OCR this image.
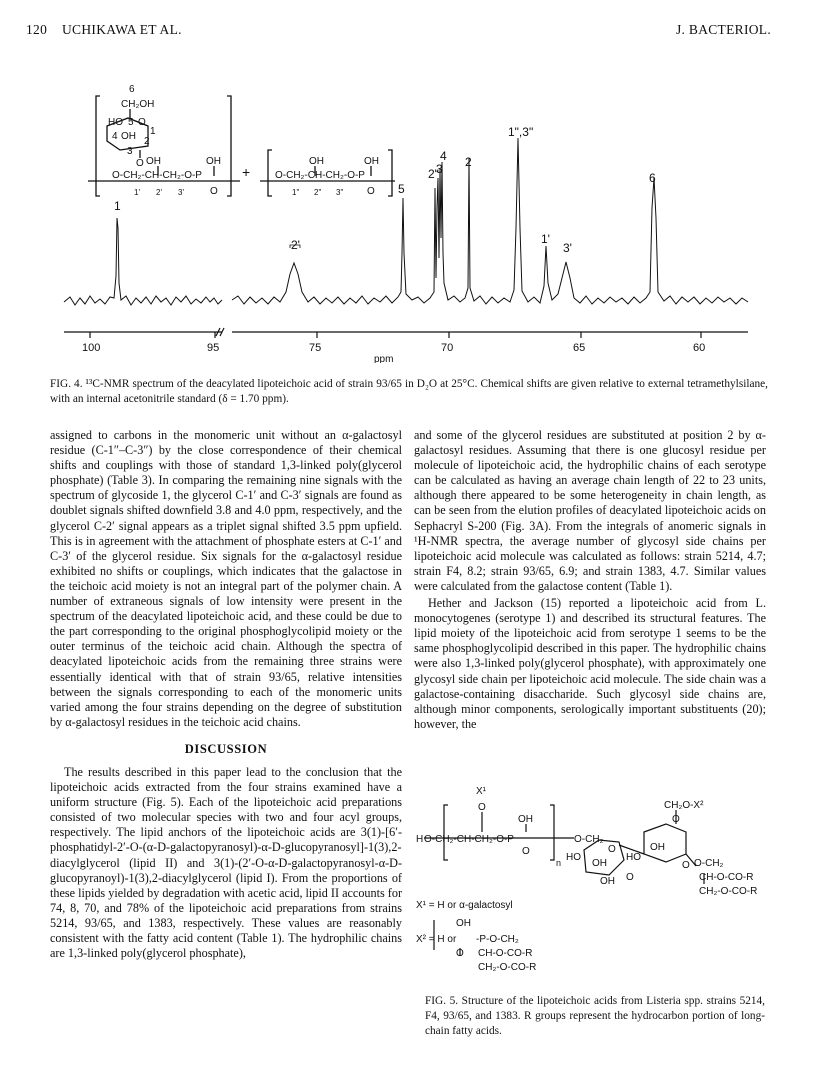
120 UCHIKAWA ET AL.	J. BACTERIOL.
6
CH₂OH
HO 5 O
4 OH 1
2
3
O OH	OH
O-CH₂-CH-CH₂-O-P
1' 2' 3'	O
+
OH	OH
O-CH₂-CH-CH₂-O-P
1" 2" 3" O
1
2'
5
2"
3
4 2
1",3"
1'
3'
6
100	95	75	70	65	60
ppm
FIG. 4. ¹³C-NMR spectrum of the deacylated lipoteichoic acid of strain 93/65 in D₂O at 25°C. Chemical shifts are given relative to external tetramethylsilane, with an internal acetonitrile standard (δ = 1.70 ppm).

assigned to carbons in the monomeric unit without an α-galactosyl residue (C-1″–C-3″) by the close correspondence of their chemical shifts and couplings with those of standard 1,3-linked poly(glycerol phosphate) (Table 3). In comparing the remaining nine signals with the spectrum of glycoside 1, the glycerol C-1′ and C-3′ signals are found as doublet signals shifted downfield 3.8 and 4.0 ppm, respectively, and the glycerol C-2′ signal appears as a triplet signal shifted 3.5 ppm upfield. This is in agreement with the attachment of phosphate esters at C-1′ and C-3′ of the glycerol residue. Six signals for the α-galactosyl residue exhibited no shifts or couplings, which indicates that the galactose in the teichoic acid moiety is not an integral part of the polymer chain. A number of extraneous signals of low intensity were present in the spectrum of the deacylated lipoteichoic acid, and these could be due to the part corresponding to the original phosphoglycolipid moiety or the outer terminus of the teichoic acid chain. Although the spectra of deacylated lipoteichoic acids from the remaining three strains were essentially identical with that of strain 93/65, relative intensities between the signals corresponding to each of the monomeric units varied among the four strains depending on the degree of substitution by α-galactosyl residues in the teichoic acid chains.

DISCUSSION

The results described in this paper lead to the conclusion that the lipoteichoic acids extracted from the four strains examined have a uniform structure (Fig. 5). Each of the lipoteichoic acid preparations consisted of two molecular species with two and four acyl groups, respectively. The lipid anchors of the lipoteichoic acids are 3(1)-[6′-phosphatidyl-2′-O-(α-D-galactopyranosyl)-α-D-glucopyranosyl]-1(3),2-diacylglycerol (lipid II) and 3(1)-(2′-O-α-D-galactopyranosyl-α-D-glucopyranoyl)-1(3),2-diacylglycerol (lipid I). From the proportions of these lipids yielded by degradation with acetic acid, lipid II accounts for 74, 8, 70, and 78% of the lipoteichoic acid preparations from strains 5214, 93/65, and 1383, respectively. These values are reasonably consistent with the fatty acid content (Table 1). The hydrophilic chains are 1,3-linked poly(glycerol phosphate),

and some of the glycerol residues are substituted at position 2 by α-galactosyl residues. Assuming that there is one glucosyl residue per molecule of lipoteichoic acid, the hydrophilic chains of each serotype can be calculated as having an average chain length of 22 to 23 units, although there appeared to be some heterogeneity in chain length, as can be seen from the elution profiles of deacylated lipoteichoic acids on Sephacryl S-200 (Fig. 3A). From the integrals of anomeric signals in ¹H-NMR spectra, the average number of glycosyl side chains per lipoteichoic acid molecule was calculated as follows: strain 5214, 4.7; strain F4, 8.2; strain 93/65, 6.9; and strain 1383, 4.7. Similar values were calculated from the galactose content (Table 1).

Hether and Jackson (15) reported a lipoteichoic acid from L. monocytogenes (serotype 1) and described its structural features. The lipid moiety of the lipoteichoic acid from serotype 1 seems to be the same phosphoglycolipid described in this paper. The hydrophilic chains were also 1,3-linked poly(glycerol phosphate), with approximately one glycosyl side chain per lipoteichoic acid molecule. The side chain was a galactose-containing disaccharide. Such glycosyl side chains are, although minor components, serologically important substituents (20); however, the

X¹
O
OH
H O-CH₂-CH-CH₂-O-P
O
n
O-CH₂
CH₂O-X²
O
O
HO
OH
O
HO
OH
O-CH₂
O
OH	CH-O-CO-R
CH₂-O-CO-R
X¹ = H or α-galactosyl
X² = H or
OH
-P-O-CH₂
O CH-O-CO-R
CH₂-O-CO-R
FIG. 5. Structure of the lipoteichoic acids from Listeria spp. strains 5214, F4, 93/65, and 1383. R groups represent the hydrocarbon portion of long-chain fatty acids.
